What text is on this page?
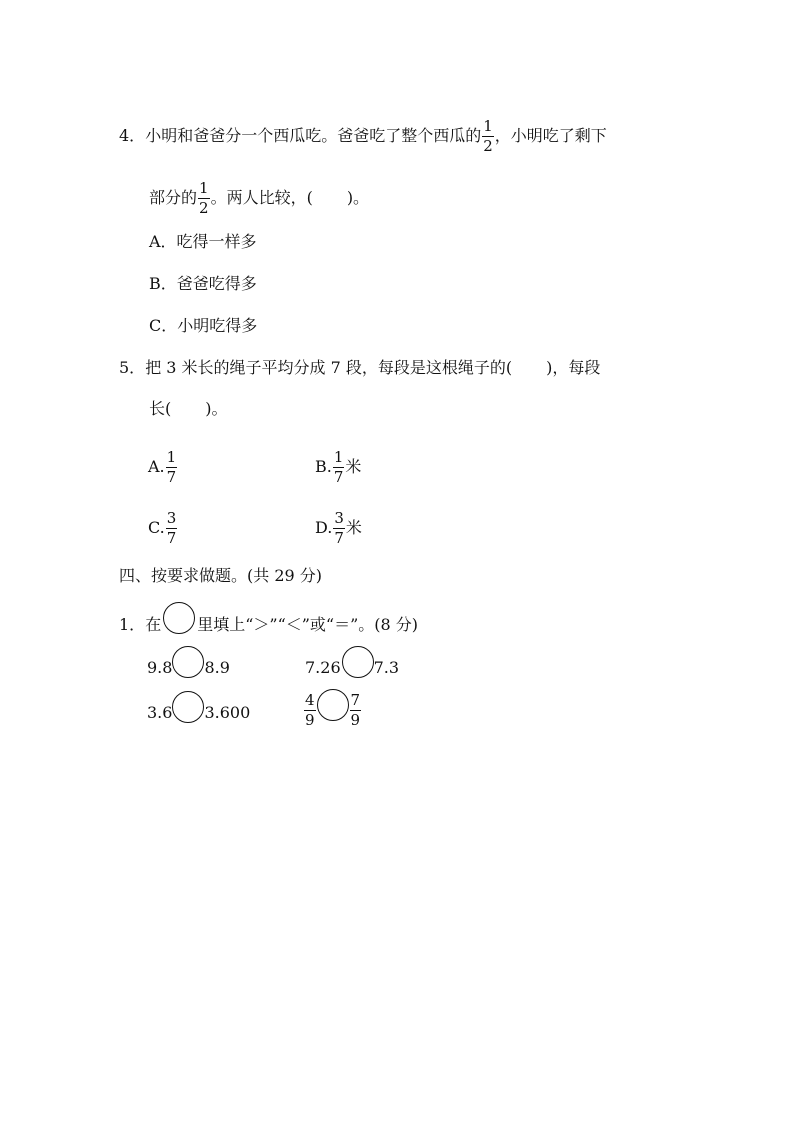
4．小明和爸爸分一个西瓜吃。爸爸吃了整个西瓜的 $\frac{1}{2}$ ，小明吃了剩下
部分的 $\frac{1}{2}$ 。两人比较，( )。
A．吃得一样多
B．爸爸吃得多
C．小明吃得多
5．把 3 米长的绳子平均分成 7 段，每段是这根绳子的( )，每段
长( )。
A. $\frac{1}{7}$	B. $\frac{1}{7}$ 米
C. $\frac{3}{7}$	D. $\frac{3}{7}$ 米
四、按要求做题。(共 29 分)
1．在 里填上“＞”“＜”或“＝”。(8 分)
9.8 8.9	7.26 7.3
3.6 3.600	$\frac{4}{9} \frac{7}{9}$
